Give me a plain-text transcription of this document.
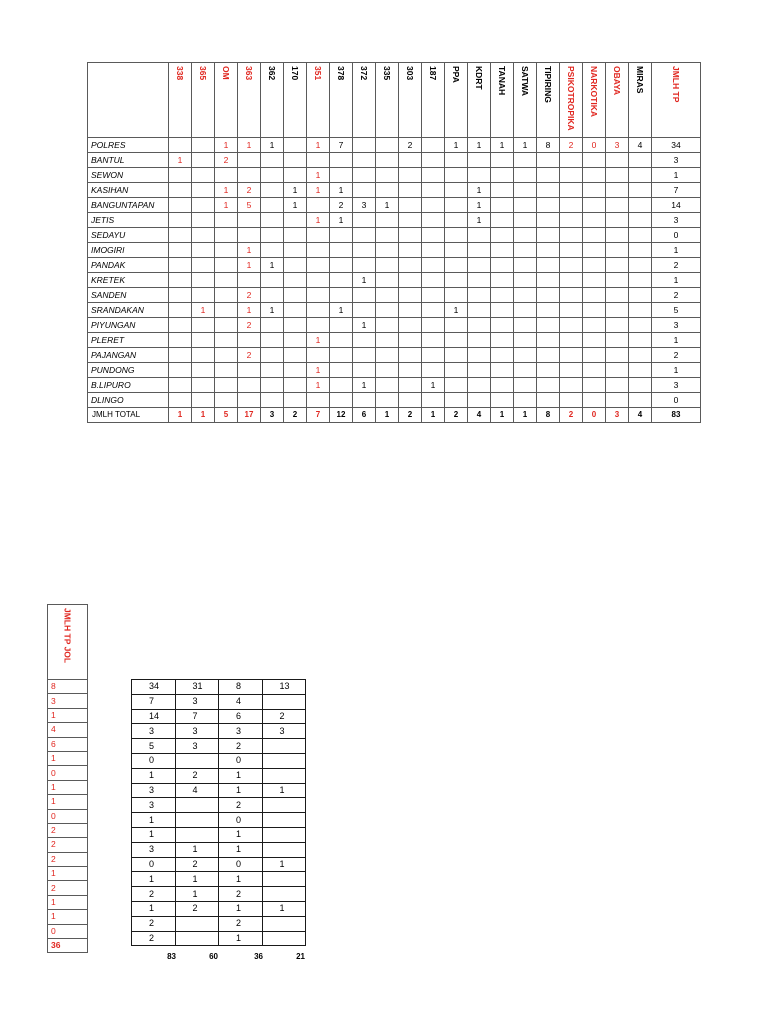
	338	365	OM	363	362	170	351	378	372	335	303	187	PPA	KDRT	TANAH	SATWA	TIPIRING	PSIKOTROPIKA	NARKOTIKA	OBAYA	MIRAS	JMLH TP

POLRES			1	1	1		1	7			2		1	1	1	1	8	2	0	3	4	34
BANTUL	1		2																			3
SEWON							1															1
KASIHAN			1	2		1	1	1						1								7
BANGUNTAPAN			1	5		1		2	3	1				1								14
JETIS							1	1						1								3
SEDAYU																						0
IMOGIRI				1																		1
PANDAK				1	1																	2
KRETEK									1													1
SANDEN				2																		2
SRANDAKAN		1		1	1			1					1									5
PIYUNGAN				2					1													3
PLERET							1															1
PAJANGAN				2																		2
PUNDONG							1															1
B.LIPURO							1		1			1										3
DLINGO																						0
JMLH TOTAL	1	1	5	17	3	2	7	12	6	1	2	1	2	4	1	1	8	2	0	3	4	83
JMLH TP JOL

8
3
1
4
6
1
0
1
1
0
2
2
2
1
2
1
1
0
36
34	31	8	13
7	3	4	
14	7	6	2
3	3	3	3
5	3	2	
0		0	
1	2	1	
3	4	1	1
3		2	
1		0	
1		1	
3	1	1	
0	2	0	1
1	1	1	
2	1	2	
1	2	1	1
2		2	
2		1	
83	60	36	21
